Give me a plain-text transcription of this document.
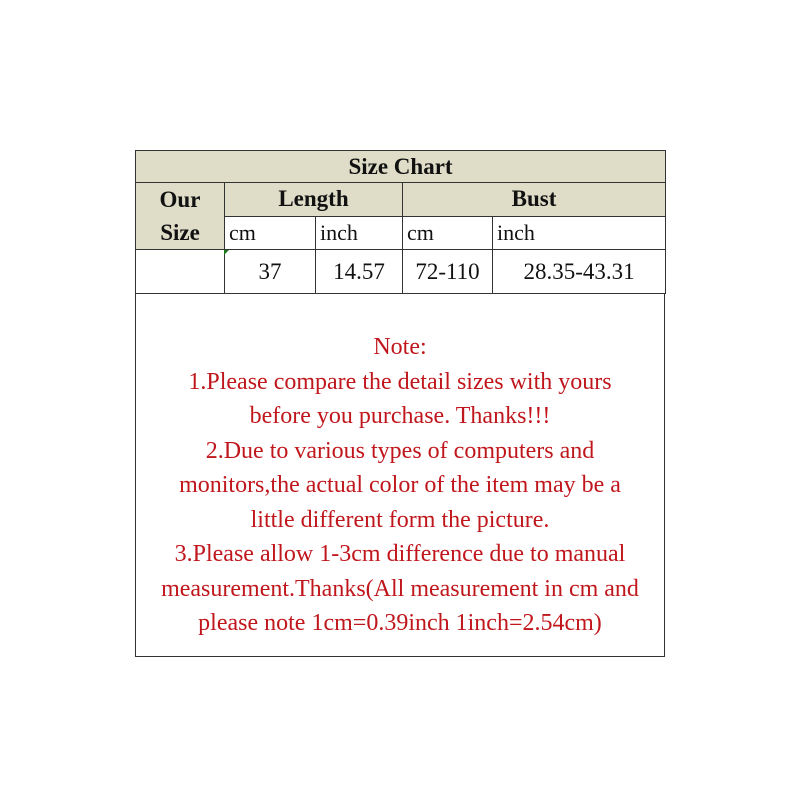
Size Chart				

Our
Size	Length		Bust	
	cm	inch	cm	inch
	37	14.57	72-110	28.35-43.31
Note:
1.Please compare the detail sizes with yours
before you purchase. Thanks!!!
2.Due to various types of computers and
monitors,the actual color of the item may be a
little different form the picture.
3.Please allow 1-3cm difference due to manual
measurement.Thanks(All measurement in cm and
please note 1cm=0.39inch 1inch=2.54cm)
